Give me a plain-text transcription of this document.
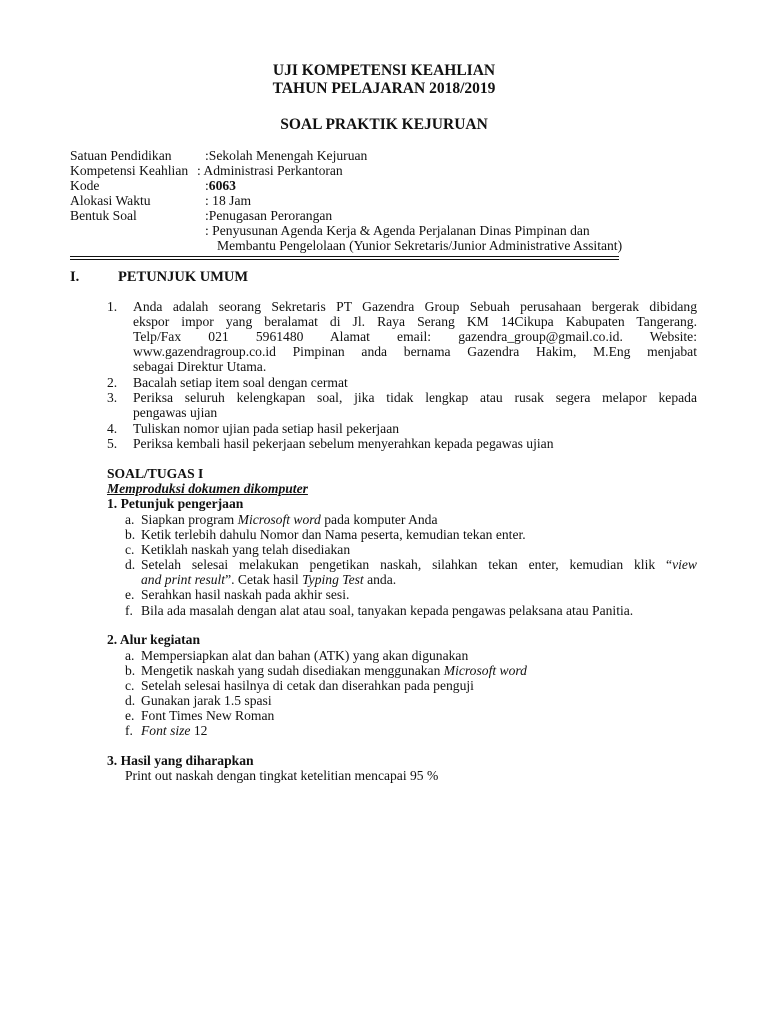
UJI KOMPETENSI KEAHLIAN
TAHUN PELAJARAN 2018/2019
SOAL PRAKTIK KEJURUAN
Satuan Pendidikan :Sekolah Menengah Kejuruan
Kompetensi Keahlian : Administrasi Perkantoran
Kode	:6063
Alokasi Waktu	: 18 Jam
Bentuk Soal	:Penugasan Perorangan
: Penyusunan Agenda Kerja & Agenda Perjalanan Dinas Pimpinan dan
Membantu Pengelolaan (Yunior Sekretaris/Junior Administrative Assitant)
I.	PETUNJUK UMUM
1. Anda adalah seorang Sekretaris PT Gazendra Group Sebuah perusahaan bergerak dibidang
ekspor impor yang beralamat di Jl. Raya Serang KM 14Cikupa Kabupaten Tangerang.
Telp/Fax 021 5961480 Alamat email: gazendra_group@gmail.co.id. Website:
www.gazendragroup.co.id Pimpinan anda bernama Gazendra Hakim, M.Eng menjabat
sebagai Direktur Utama.
2. Bacalah setiap item soal dengan cermat
3. Periksa seluruh kelengkapan soal, jika tidak lengkap atau rusak segera melapor kepada
pengawas ujian
4. Tuliskan nomor ujian pada setiap hasil pekerjaan
5. Periksa kembali hasil pekerjaan sebelum menyerahkan kepada pegawas ujian
SOAL/TUGAS I
Memproduksi dokumen dikomputer
1. Petunjuk pengerjaan
a. Siapkan program Microsoft word pada komputer Anda
b. Ketik terlebih dahulu Nomor dan Nama peserta, kemudian tekan enter.
c. Ketiklah naskah yang telah disediakan
d. Setelah selesai melakukan pengetikan naskah, silahkan tekan enter, kemudian klik “view
and print result”. Cetak hasil Typing Test anda.
e. Serahkan hasil naskah pada akhir sesi.
f. Bila ada masalah dengan alat atau soal, tanyakan kepada pengawas pelaksana atau Panitia.
2. Alur kegiatan
a. Mempersiapkan alat dan bahan (ATK) yang akan digunakan
b. Mengetik naskah yang sudah disediakan menggunakan Microsoft word
c. Setelah selesai hasilnya di cetak dan diserahkan pada penguji
d. Gunakan jarak 1.5 spasi
e. Font Times New Roman
f. Font size 12
3. Hasil yang diharapkan
Print out naskah dengan tingkat ketelitian mencapai 95 %
